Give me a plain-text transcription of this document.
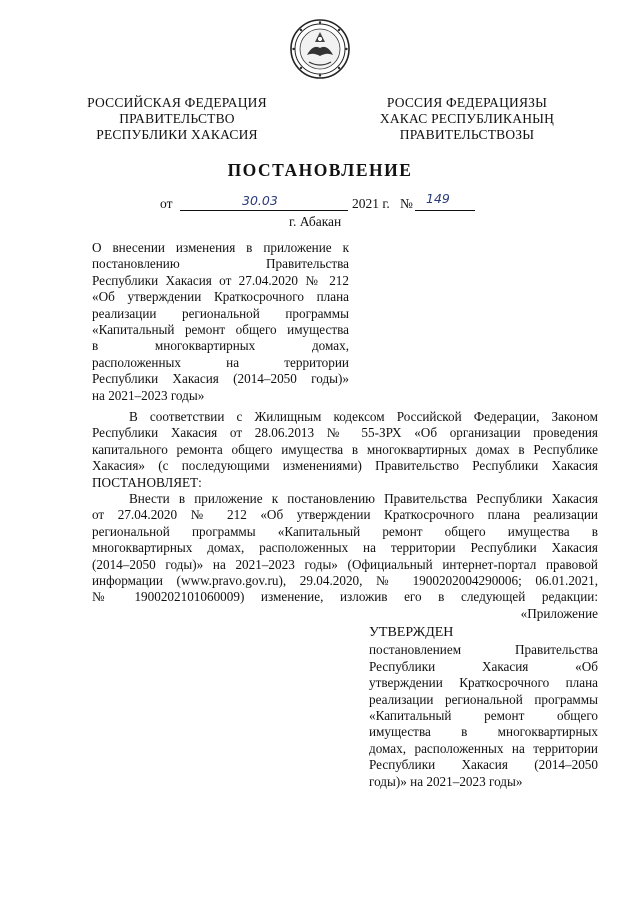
РОССИЙСКАЯ ФЕДЕРАЦИЯ
ПРАВИТЕЛЬСТВО
РЕСПУБЛИКИ ХАКАСИЯ
РОССИЯ ФЕДЕРАЦИЯЗЫ
ХАКАС РЕСПУБЛИКАНЫҢ
ПРАВИТЕЛЬСТВОЗЫ
ПОСТАНОВЛЕНИЕ
от	30.03	2021 г. № 149
г. Абакан
О внесении изменения в приложение к
постановлению Правительства
Республики Хакасия от 27.04.2020 № 212
«Об утверждении Краткосрочного плана
реализации региональной программы
«Капитальный ремонт общего имущества
в многоквартирных домах,
расположенных на территории
Республики Хакасия (2014–2050 годы)»
на 2021–2023 годы»
В соответствии с Жилищным кодексом Российской Федерации, Законом
Республики Хакасия от 28.06.2013 № 55-ЗРХ «Об организации проведения
капитального ремонта общего имущества в многоквартирных домах в Республике
Хакасия» (с последующими изменениями) Правительство Республики Хакасия
ПОСТАНОВЛЯЕТ:
Внести в приложение к постановлению Правительства Республики Хакасия
от 27.04.2020 № 212 «Об утверждении Краткосрочного плана реализации
региональной программы «Капитальный ремонт общего имущества в
многоквартирных домах, расположенных на территории Республики Хакасия
(2014–2050 годы)» на 2021–2023 годы» (Официальный интернет-портал правовой
информации (www.pravo.gov.ru), 29.04.2020, № 1900202004290006; 06.01.2021,
№ 1900202101060009) изменение, изложив его в следующей редакции:
«Приложение
УТВЕРЖДЕН
постановлением Правительства
Республики Хакасия «Об
утверждении Краткосрочного плана
реализации региональной программы
«Капитальный ремонт общего
имущества в многоквартирных
домах, расположенных на территории
Республики Хакасия (2014–2050
годы)» на 2021–2023 годы»
